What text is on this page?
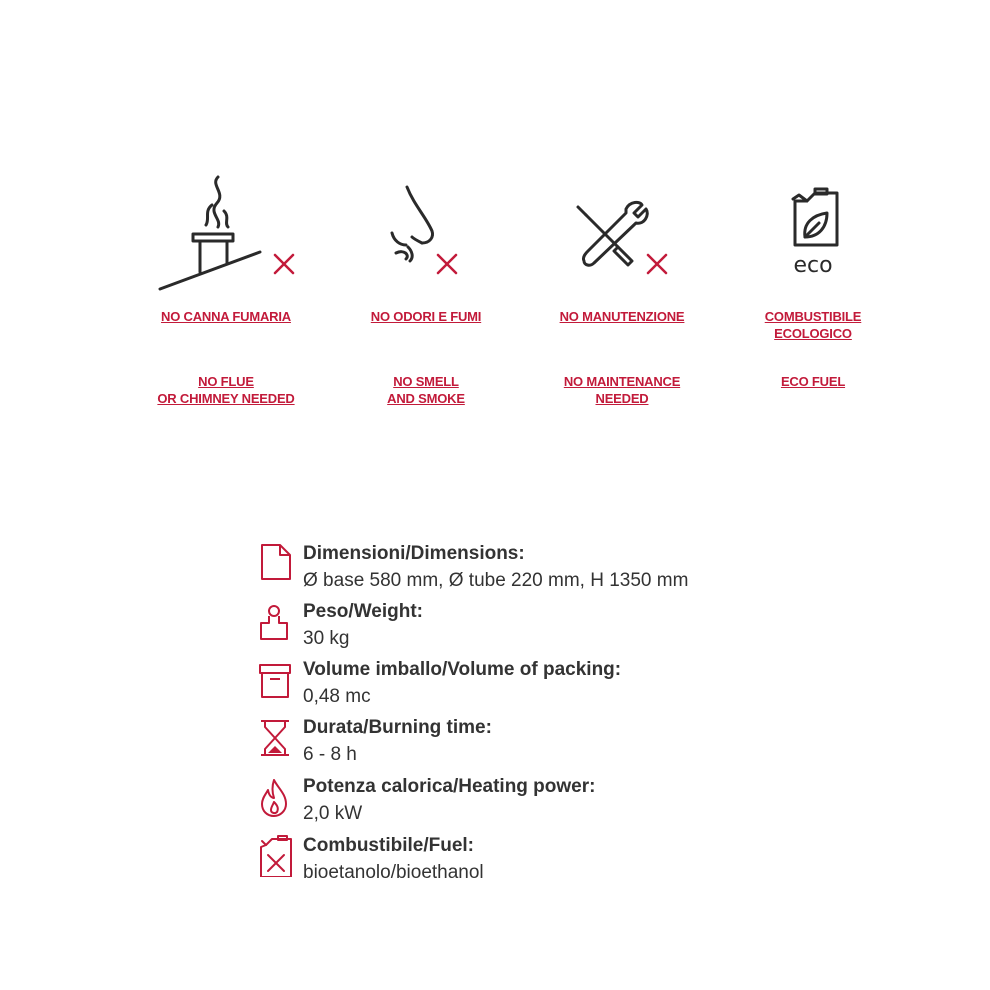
NO CANNA FUMARIA
NO FLUE
OR CHIMNEY NEEDED
NO ODORI E FUMI
NO SMELL
AND SMOKE
NO MANUTENZIONE
NO MAINTENANCE
NEEDED
eco
COMBUSTIBILE
ECOLOGICO
ECO FUEL
Dimensioni/Dimensions:
Ø base 580 mm, Ø tube 220 mm, H 1350 mm
Peso/Weight:
30 kg
Volume imballo/Volume of packing:
0,48 mc
Durata/Burning time:
6 - 8 h
Potenza calorica/Heating power:
2,0 kW
Combustibile/Fuel:
bioetanolo/bioethanol
